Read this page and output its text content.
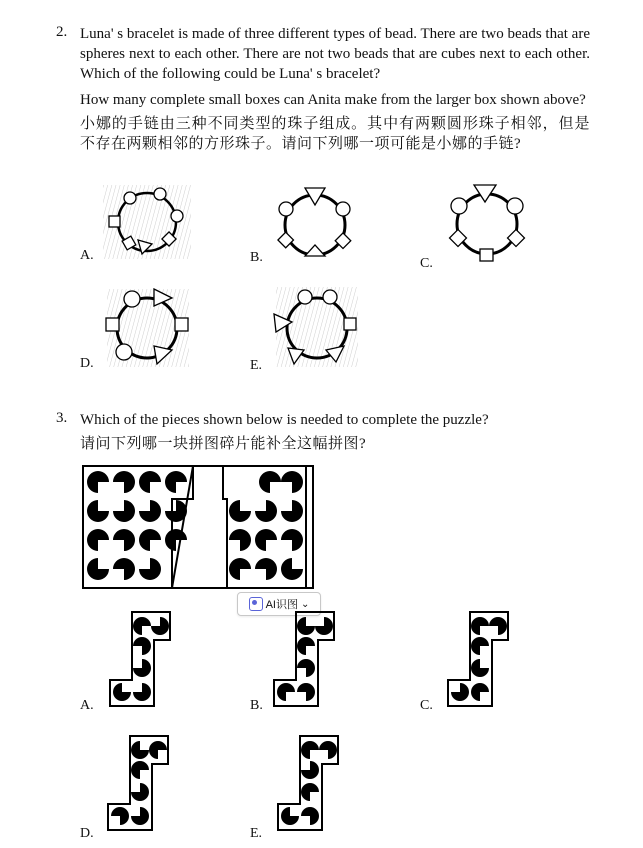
2. Luna' s bracelet is made of three different types of bead. There are two beads that are spheres next to each other. There are not two beads that are cubes next to each other. Which of the following could be Luna' s bracelet?

How many complete small boxes can Anita make from the larger box shown above?

小娜的手链由三种不同类型的珠子组成。其中有两颗圆形珠子相邻，但是不存在两颗相邻的方形珠子。请问下列哪一项可能是小娜的手链?

A.	B.	C.
D.	E.
3. Which of the pieces shown below is needed to complete the puzzle?

请问下列哪一块拼图碎片能补全这幅拼图?

AI识图 ⌄
A.	B.	C.
D.	E.
